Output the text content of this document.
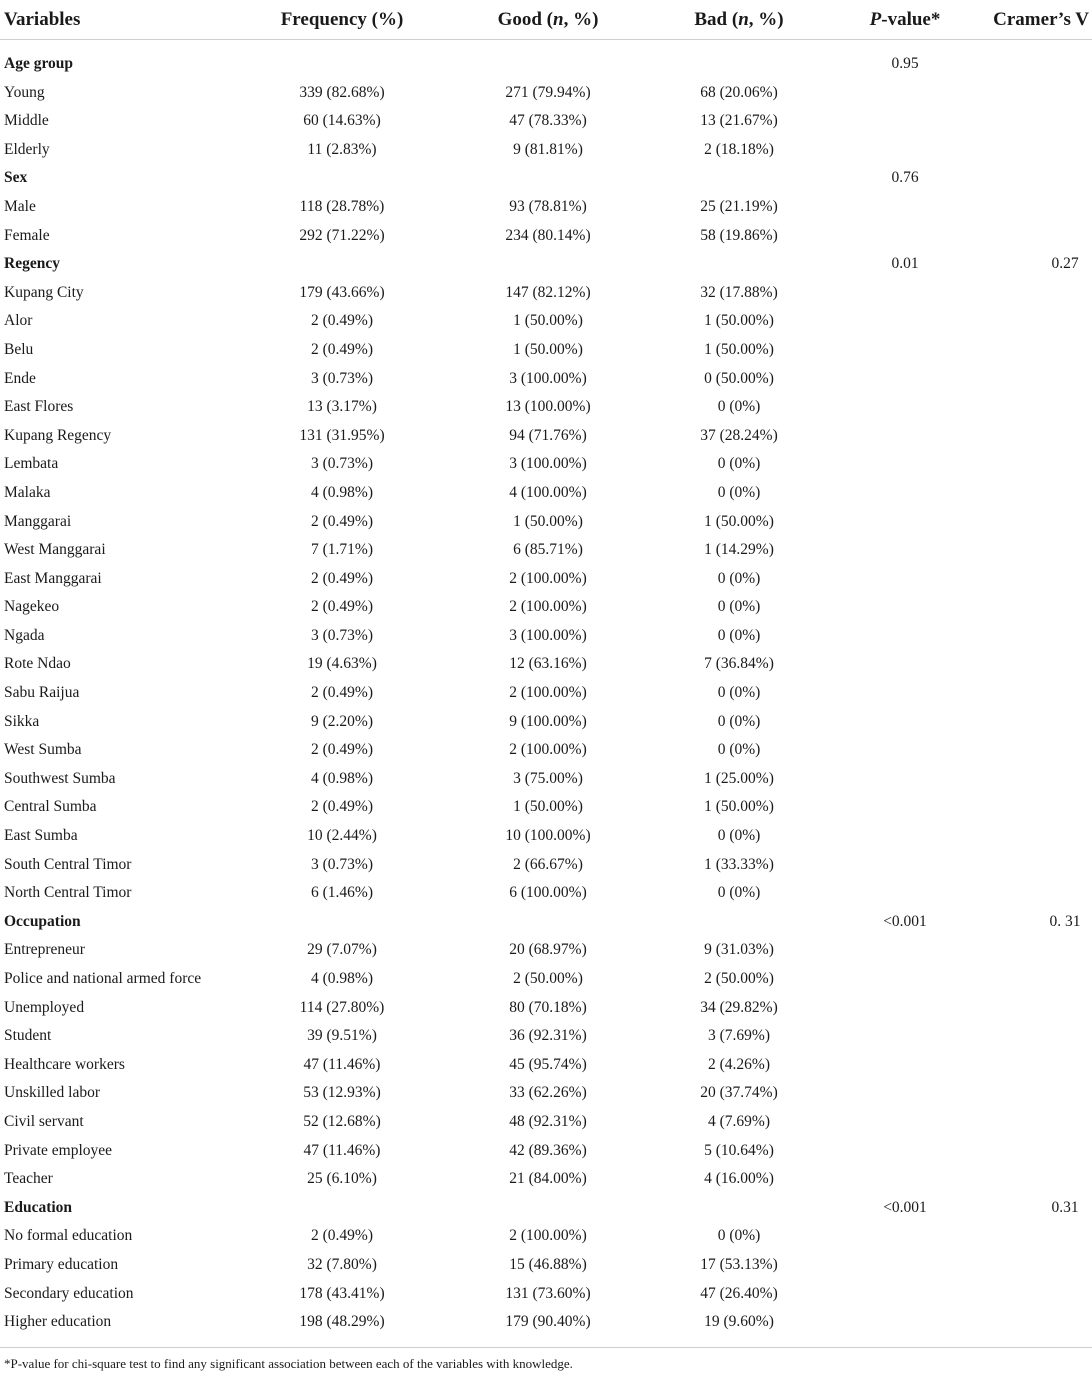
Variables	Frequency (%)	Good (n, %)	Bad (n, %)	P-value*	Cramer’s V
Age group				0.95	
Young	339 (82.68%)	271 (79.94%)	68 (20.06%)		
Middle	60 (14.63%)	47 (78.33%)	13 (21.67%)		
Elderly	11 (2.83%)	9 (81.81%)	2 (18.18%)		
Sex				0.76	
Male	118 (28.78%)	93 (78.81%)	25 (21.19%)		
Female	292 (71.22%)	234 (80.14%)	58 (19.86%)		
Regency				0.01	0.27
Kupang City	179 (43.66%)	147 (82.12%)	32 (17.88%)		
Alor	2 (0.49%)	1 (50.00%)	1 (50.00%)		
Belu	2 (0.49%)	1 (50.00%)	1 (50.00%)		
Ende	3 (0.73%)	3 (100.00%)	0 (50.00%)		
East Flores	13 (3.17%)	13 (100.00%)	0 (0%)		
Kupang Regency	131 (31.95%)	94 (71.76%)	37 (28.24%)		
Lembata	3 (0.73%)	3 (100.00%)	0 (0%)		
Malaka	4 (0.98%)	4 (100.00%)	0 (0%)		
Manggarai	2 (0.49%)	1 (50.00%)	1 (50.00%)		
West Manggarai	7 (1.71%)	6 (85.71%)	1 (14.29%)		
East Manggarai	2 (0.49%)	2 (100.00%)	0 (0%)		
Nagekeo	2 (0.49%)	2 (100.00%)	0 (0%)		
Ngada	3 (0.73%)	3 (100.00%)	0 (0%)		
Rote Ndao	19 (4.63%)	12 (63.16%)	7 (36.84%)		
Sabu Raijua	2 (0.49%)	2 (100.00%)	0 (0%)		
Sikka	9 (2.20%)	9 (100.00%)	0 (0%)		
West Sumba	2 (0.49%)	2 (100.00%)	0 (0%)		
Southwest Sumba	4 (0.98%)	3 (75.00%)	1 (25.00%)		
Central Sumba	2 (0.49%)	1 (50.00%)	1 (50.00%)		
East Sumba	10 (2.44%)	10 (100.00%)	0 (0%)		
South Central Timor	3 (0.73%)	2 (66.67%)	1 (33.33%)		
North Central Timor	6 (1.46%)	6 (100.00%)	0 (0%)		
Occupation				<0.001	0. 31
Entrepreneur	29 (7.07%)	20 (68.97%)	9 (31.03%)		
Police and national armed force	4 (0.98%)	2 (50.00%)	2 (50.00%)		
Unemployed	114 (27.80%)	80 (70.18%)	34 (29.82%)		
Student	39 (9.51%)	36 (92.31%)	3 (7.69%)		
Healthcare workers	47 (11.46%)	45 (95.74%)	2 (4.26%)		
Unskilled labor	53 (12.93%)	33 (62.26%)	20 (37.74%)		
Civil servant	52 (12.68%)	48 (92.31%)	4 (7.69%)		
Private employee	47 (11.46%)	42 (89.36%)	5 (10.64%)		
Teacher	25 (6.10%)	21 (84.00%)	4 (16.00%)		
Education				<0.001	0.31
No formal education	2 (0.49%)	2 (100.00%)	0 (0%)		
Primary education	32 (7.80%)	15 (46.88%)	17 (53.13%)		
Secondary education	178 (43.41%)	131 (73.60%)	47 (26.40%)		
Higher education	198 (48.29%)	179 (90.40%)	19 (9.60%)		
*P-value for chi-square test to find any significant association between each of the variables with knowledge.
